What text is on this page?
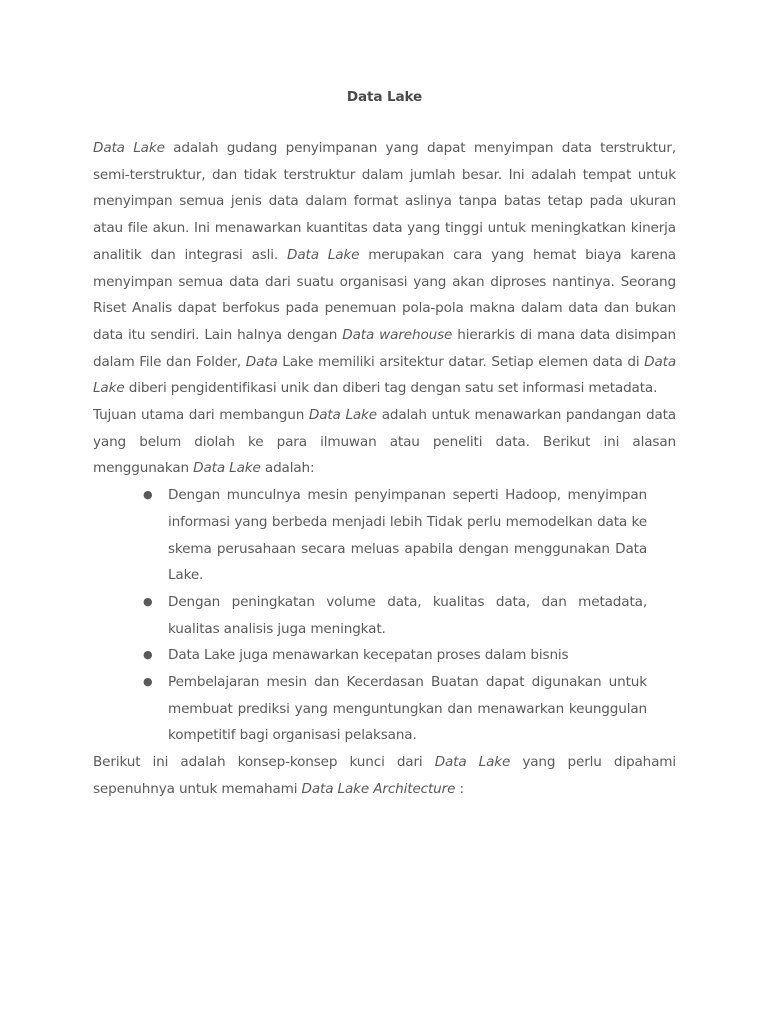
Data Lake

Data Lake adalah gudang penyimpanan yang dapat menyimpan data terstruktur, semi-terstruktur, dan tidak terstruktur dalam jumlah besar. Ini adalah tempat untuk menyimpan semua jenis data dalam format aslinya tanpa batas tetap pada ukuran atau file akun. Ini menawarkan kuantitas data yang tinggi untuk meningkatkan kinerja analitik dan integrasi asli. Data Lake merupakan cara yang hemat biaya karena menyimpan semua data dari suatu organisasi yang akan diproses nantinya. Seorang Riset Analis dapat berfokus pada penemuan pola-pola makna dalam data dan bukan data itu sendiri. Lain halnya dengan Data warehouse hierarkis di mana data disimpan dalam File dan Folder, Data Lake memiliki arsitektur datar. Setiap elemen data di Data Lake diberi pengidentifikasi unik dan diberi tag dengan satu set informasi metadata.

Tujuan utama dari membangun Data Lake adalah untuk menawarkan pandangan data yang belum diolah ke para ilmuwan atau peneliti data. Berikut ini alasan menggunakan Data Lake adalah:

● Dengan munculnya mesin penyimpanan seperti Hadoop, menyimpan informasi yang berbeda menjadi lebih Tidak perlu memodelkan data ke skema perusahaan secara meluas apabila dengan menggunakan Data Lake.
● Dengan peningkatan volume data, kualitas data, dan metadata, kualitas analisis juga meningkat.
● Data Lake juga menawarkan kecepatan proses dalam bisnis
● Pembelajaran mesin dan Kecerdasan Buatan dapat digunakan untuk membuat prediksi yang menguntungkan dan menawarkan keunggulan kompetitif bagi organisasi pelaksana.

Berikut ini adalah konsep-konsep kunci dari Data Lake yang perlu dipahami sepenuhnya untuk memahami Data Lake Architecture :
